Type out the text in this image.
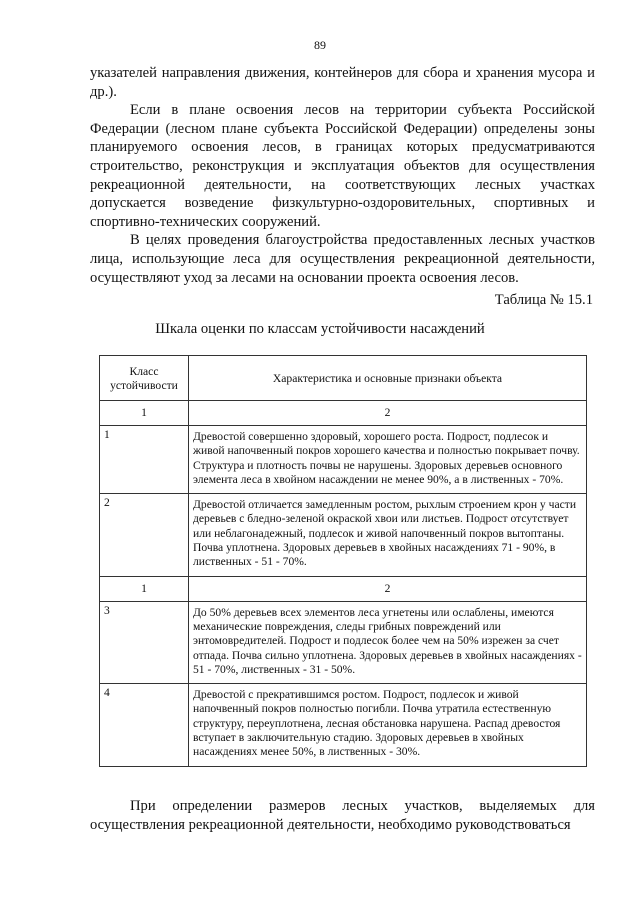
89

указателей направления движения, контейнеров для сбора и хранения мусора и др.).

Если в плане освоения лесов на территории субъекта Российской Федерации (лесном плане субъекта Российской Федерации) определены зоны планируемого освоения лесов, в границах которых предусматриваются строительство, реконструкция и эксплуатация объектов для осуществления рекреационной деятельности, на соответствующих лесных участках допускается возведение физкультурно-оздоровительных, спортивных и спортивно-технических сооружений.

В целях проведения благоустройства предоставленных лесных участков лица, использующие леса для осуществления рекреационной деятельности, осуществляют уход за лесами на основании проекта освоения лесов.

Таблица № 15.1
Шкала оценки по классам устойчивости насаждений
Класс устойчивости	Характеристика и основные признаки объекта
1	2
1	Древостой совершенно здоровый, хорошего роста. Подрост, подлесок и живой напочвенный покров хорошего качества и полностью покрывает почву. Структура и плотность почвы не нарушены. Здоровых деревьев основного элемента леса в хвойном насаждении не менее 90%, а в лиственных - 70%.
2	Древостой отличается замедленным ростом, рыхлым строением крон у части деревьев с бледно-зеленой окраской хвои или листьев. Подрост отсутствует или неблагонадежный, подлесок и живой напочвенный покров вытоптаны. Почва уплотнена. Здоровых деревьев в хвойных насаждениях 71 - 90%, в лиственных - 51 - 70%.
1	2
3	До 50% деревьев всех элементов леса угнетены или ослаблены, имеются механические повреждения, следы грибных повреждений или энтомовредителей. Подрост и подлесок более чем на 50% изрежен за счет отпада. Почва сильно уплотнена. Здоровых деревьев в хвойных насаждениях - 51 - 70%, лиственных - 31 - 50%.
4	Древостой с прекратившимся ростом. Подрост, подлесок и живой напочвенный покров полностью погибли. Почва утратила естественную структуру, переуплотнена, лесная обстановка нарушена. Распад древостоя вступает в заключительную стадию. Здоровых деревьев в хвойных насаждениях менее 50%, в лиственных - 30%.

При определении размеров лесных участков, выделяемых для осуществления рекреационной деятельности, необходимо руководствоваться
